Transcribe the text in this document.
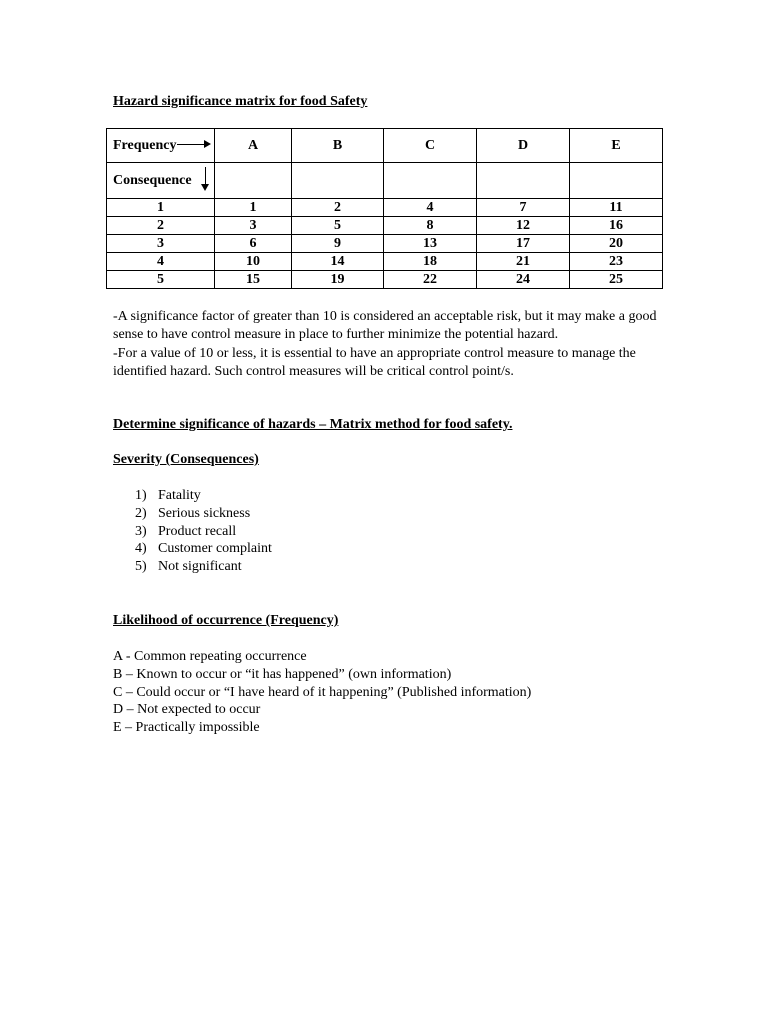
Hazard significance matrix for food Safety
Frequency	A	B	C	D	E
Consequence

1	1	2	4	7	11
2	3	5	8	12	16
3	6	9	13	17	20
4	10	14	18	21	23
5	15	19	22	24	25
-A significance factor of greater than 10 is considered an acceptable risk, but it may make a good sense to have control measure in place to further minimize the potential hazard.
-For a value of 10 or less, it is essential to have an appropriate control measure to manage the identified hazard. Such control measures will be critical control point/s.
Determine significance of hazards – Matrix method for food safety.
Severity (Consequences)
1) Fatality
2) Serious sickness
3) Product recall
4) Customer complaint
5) Not significant
Likelihood of occurrence (Frequency)
A - Common repeating occurrence
B – Known to occur or “it has happened” (own information)
C – Could occur or “I have heard of it happening” (Published information)
D – Not expected to occur
E – Practically impossible
